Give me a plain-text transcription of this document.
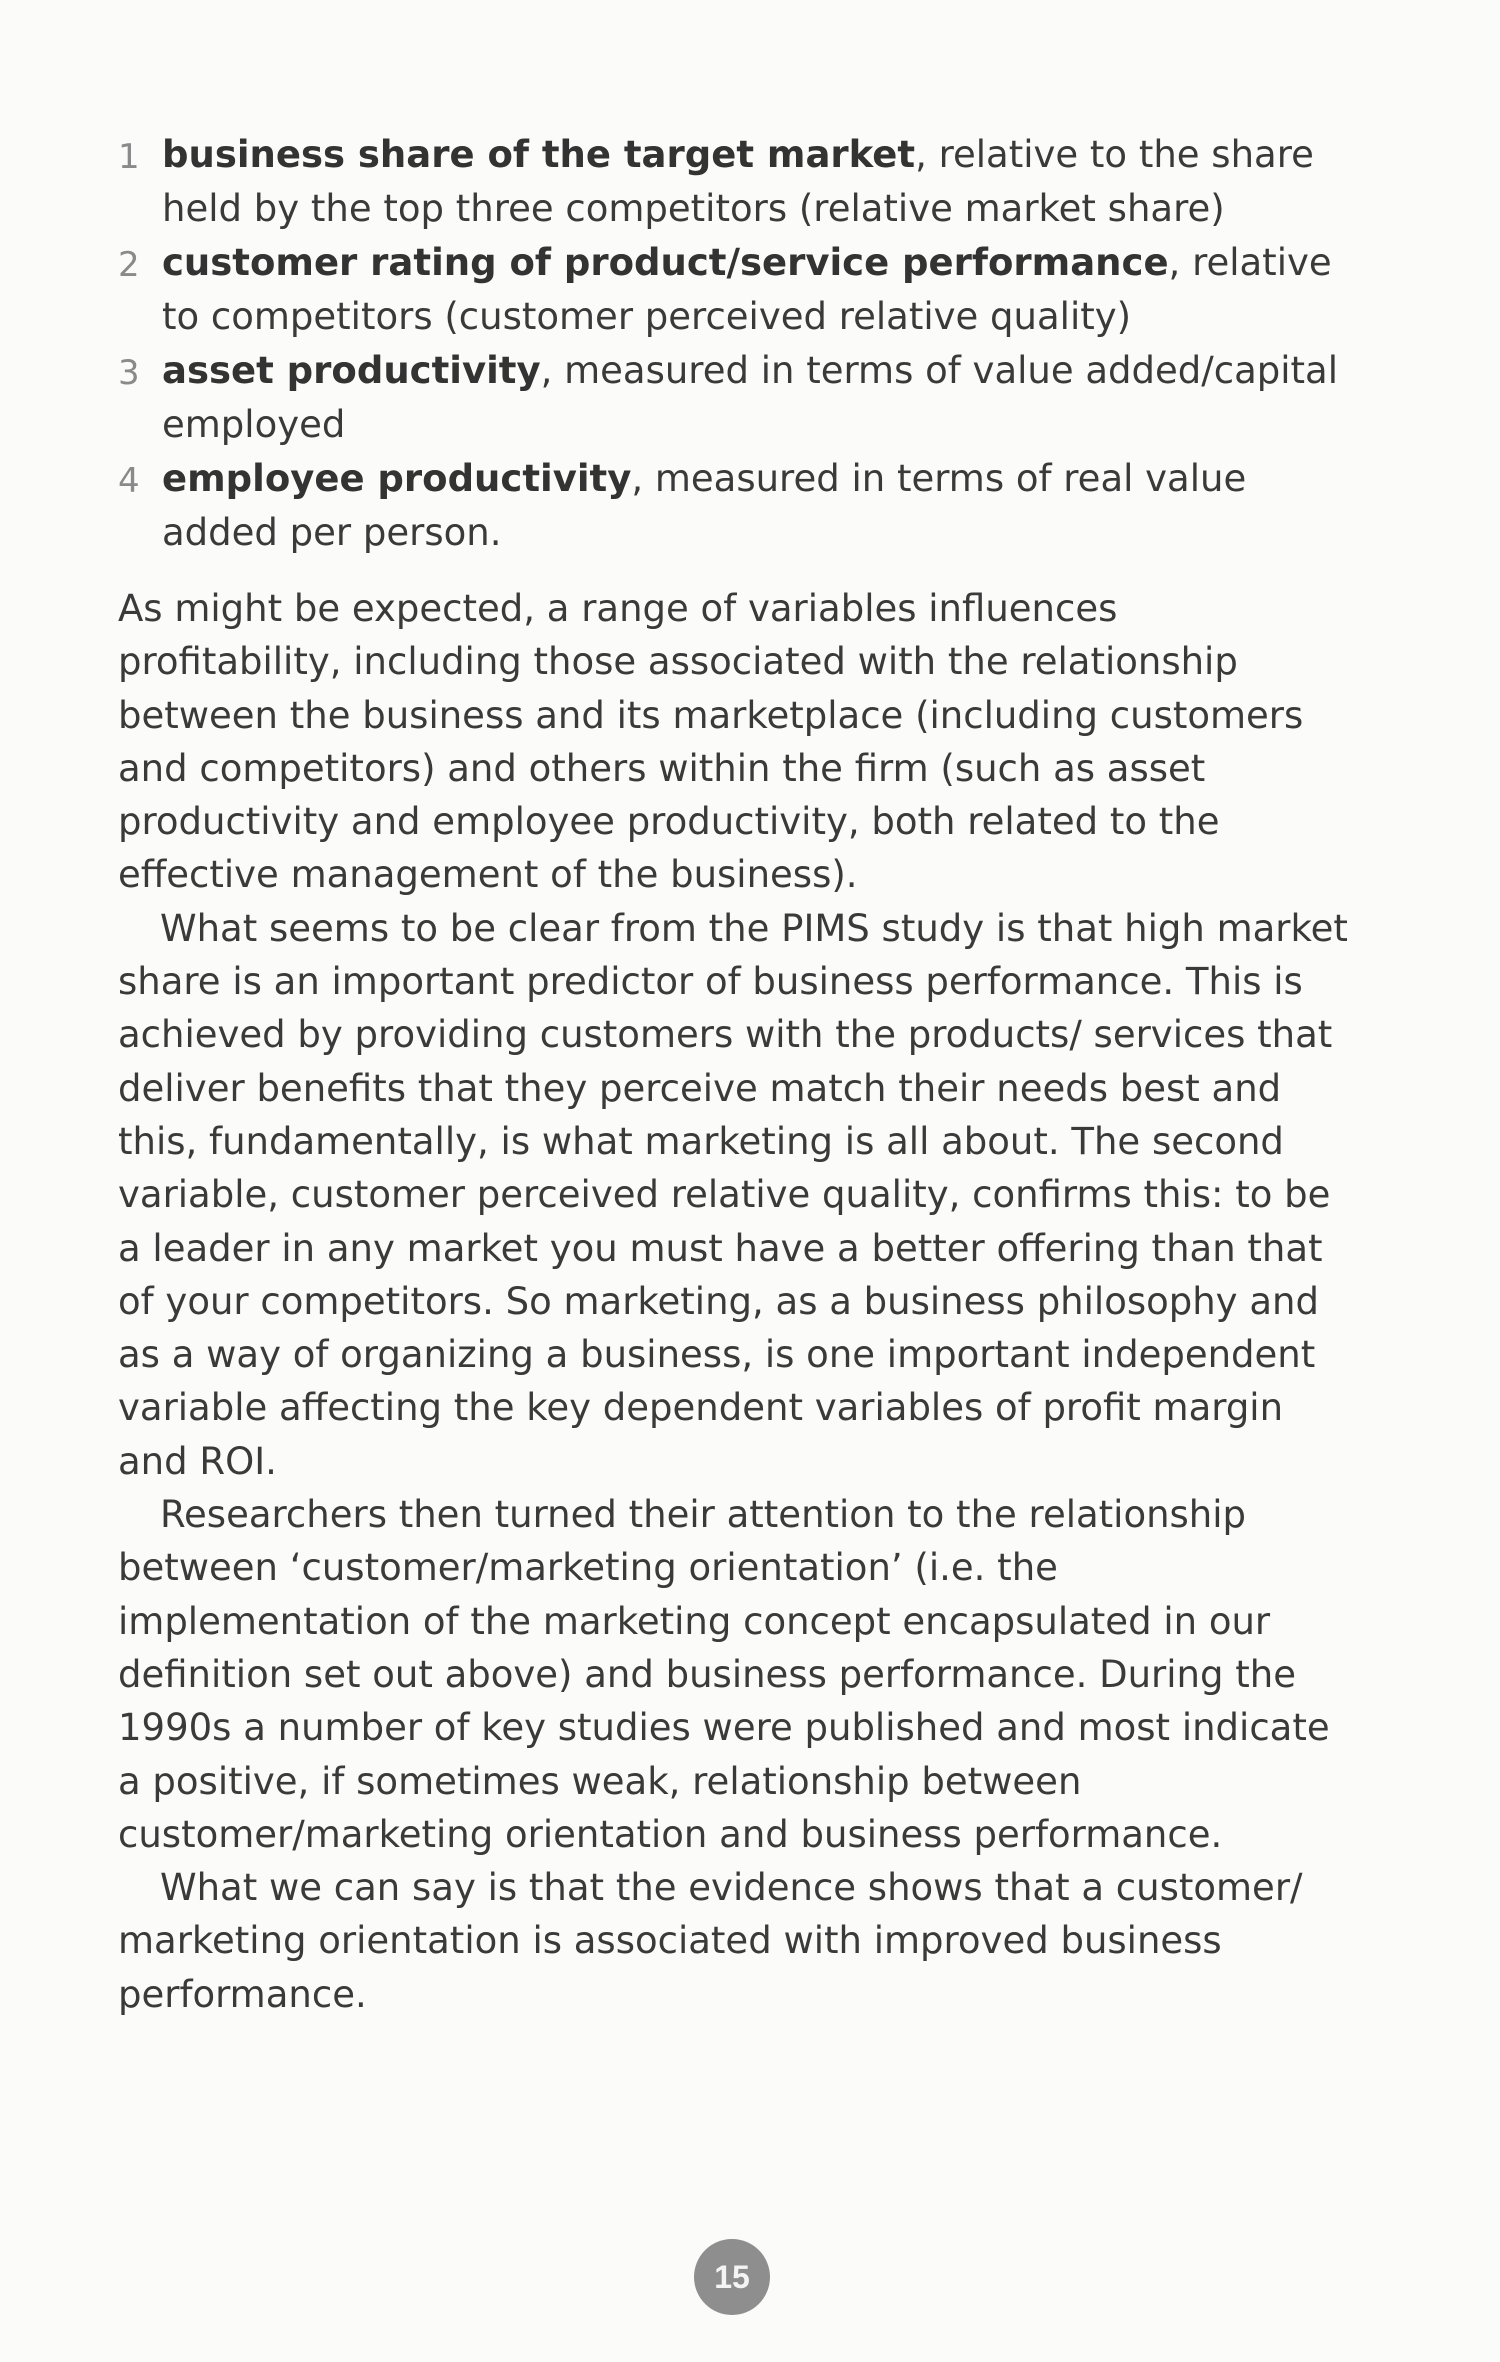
1 business share of the target market, relative to the share held by the top three competitors (relative market share)
2 customer rating of product/service performance, relative to competitors (customer perceived relative quality)
3 asset productivity, measured in terms of value added/capital employed
4 employee productivity, measured in terms of real value added per person.

As might be expected, a range of variables influences profitability, including those associated with the relationship between the business and its marketplace (including customers and competitors) and others within the firm (such as asset productivity and employee productivity, both related to the effective management of the business).

What seems to be clear from the PIMS study is that high market share is an important predictor of business performance. This is achieved by providing customers with the products/ services that deliver benefits that they perceive match their needs best and this, fundamentally, is what marketing is all about. The second variable, customer perceived relative quality, confirms this: to be a leader in any market you must have a better offering than that of your competitors. So marketing, as a business philosophy and as a way of organizing a business, is one important independent variable affecting the key dependent variables of profit margin and ROI.

Researchers then turned their attention to the relationship between ‘customer/marketing orientation’ (i.e. the implementation of the marketing concept encapsulated in our definition set out above) and business performance. During the 1990s a number of key studies were published and most indicate a positive, if sometimes weak, relationship between customer/marketing orientation and business performance.

What we can say is that the evidence shows that a customer/ marketing orientation is associated with improved business performance.

15
